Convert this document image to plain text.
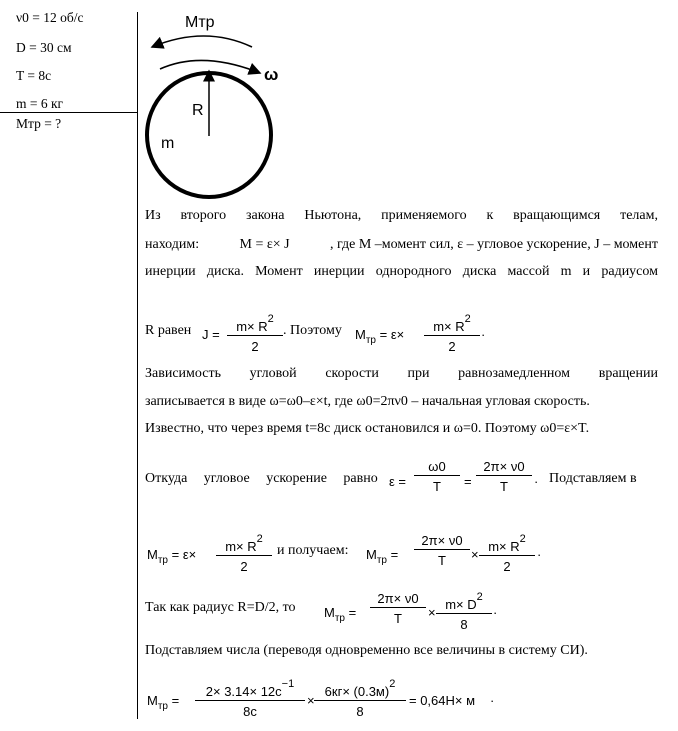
ν0 = 12 об/с
D = 30 см
T = 8c
m = 6 кг
Mтр = ?
Mтр
ω
R
m
Из второго закона Ньютона, применяемого к вращающимся телам,
находим:	M = ε× J	, где M –момент сил, ε – угловое ускорение, J – момент
инерции диска. Момент инерции однородного диска массой m и радиусом
R равен $J = \frac{m\times R^2}{2}$ . Поэтому $M_{тр} = \varepsilon\times \frac{m\times R^2}{2}$ ·
Зависимость угловой скорости при равнозамедленном вращении
записывается в виде ω=ω0–ε×t, где ω0=2πν0 – начальная угловая скорость.
Известно, что через время t=8c диск остановился и ω=0. Поэтому ω0=ε×T.
Откуда угловое ускорение равно $\varepsilon = \frac{\omega 0}{T} = \frac{2\pi\times \nu 0}{T}$ · Подставляем в
$M_{тр} = \varepsilon\times \frac{m\times R^2}{2}$ и получаем: $M_{тр} = \frac{2\pi\times \nu 0}{T} \times \frac{m\times R^2}{2}$ ·
Так как радиус R=D/2, то $M_{тр} = \frac{2\pi\times \nu 0}{T} \times \frac{m\times D^2}{8}$ ·
Подставляем числа (переводя одновременно все величины в систему СИ).
$M_{тр} = \frac{2\times 3.14\times 12c^{-1}}{8c}$ ×
$6кг\times (0.3м)^2$
8
= 0,64H× м ·
